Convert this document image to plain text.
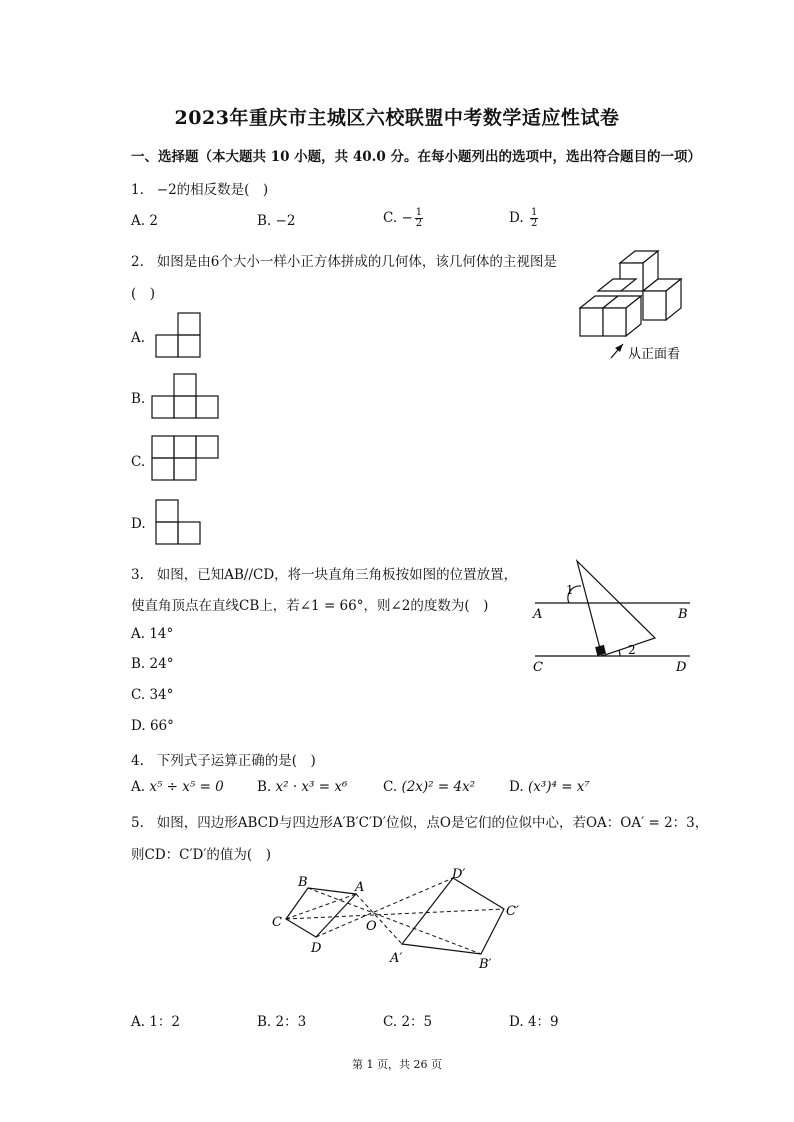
2023年重庆市主城区六校联盟中考数学适应性试卷
一、选择题（本大题共 10 小题，共 40.0 分。在每小题列出的选项中，选出符合题目的一项）
1. −2的相反数是(　)
A. 2	B. −2	C. − $\frac{1}{2}$	D. $\frac{1}{2}$
2. 如图是由6个大小一样小正方体拼成的几何体，该几何体的主视图是
(　)
从正面看
A.
B.
C.
D.
3. 如图，已知AB//CD，将一块直角三角板按如图的位置放置，
使直角顶点在直线CB上，若∠1 = 66°，则∠2的度数为(　)
A	B
C	D
1
2
A. 14°
B. 24°
C. 34°
D. 66°
4. 下列式子运算正确的是(　)
A. x⁵ ÷ x⁵ = 0 B. x² · x³ = x⁶	C. (2x)² = 4x²	D. (x³)⁴ = x⁷
5. 如图，四边形ABCD与四边形A′B′C′D′位似，点O是它们的位似中心，若OA：OA′ = 2：3，
则CD：C′D′的值为(　)
B	A
C
D
O
D′
C′
B′
A′
A. 1：2	B. 2：3	C. 2：5	D. 4：9
第 1 页，共 26 页
